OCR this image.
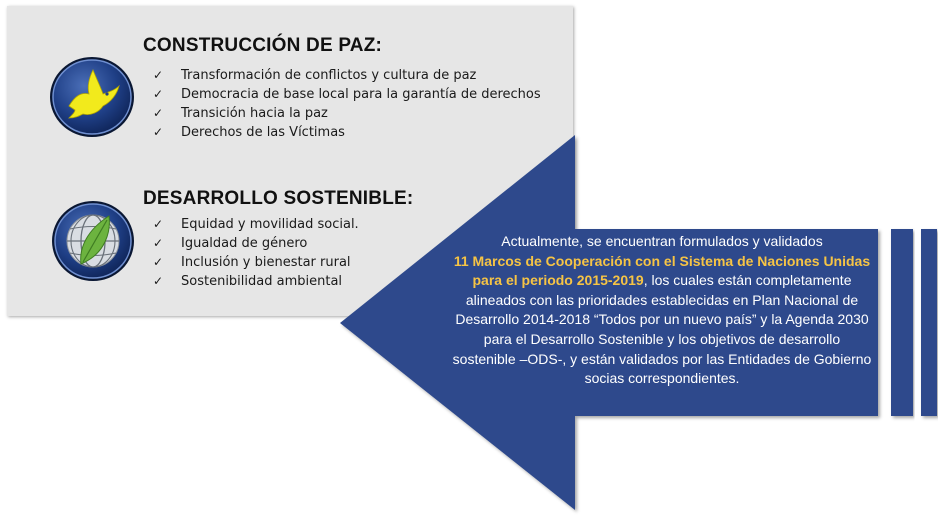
CONSTRUCCIÓN DE PAZ:
✓ Transformación de conflictos y cultura de paz
✓ Democracia de base local para la garantía de derechos
✓ Transición hacia la paz
✓ Derechos de las Víctimas
DESARROLLO SOSTENIBLE:
✓ Equidad y movilidad social.
✓ Igualdad de género
✓ Inclusión y bienestar rural
✓ Sostenibilidad ambiental
Actualmente, se encuentran formulados y validados
11 Marcos de Cooperación con el Sistema de Naciones Unidas para el periodo 2015-2019, los cuales están completamente alineados con las prioridades establecidas en Plan Nacional de Desarrollo 2014-2018 “Todos por un nuevo país” y la Agenda 2030 para el Desarrollo Sostenible y los objetivos de desarrollo sostenible –ODS-, y están validados por las Entidades de Gobierno socias correspondientes.
